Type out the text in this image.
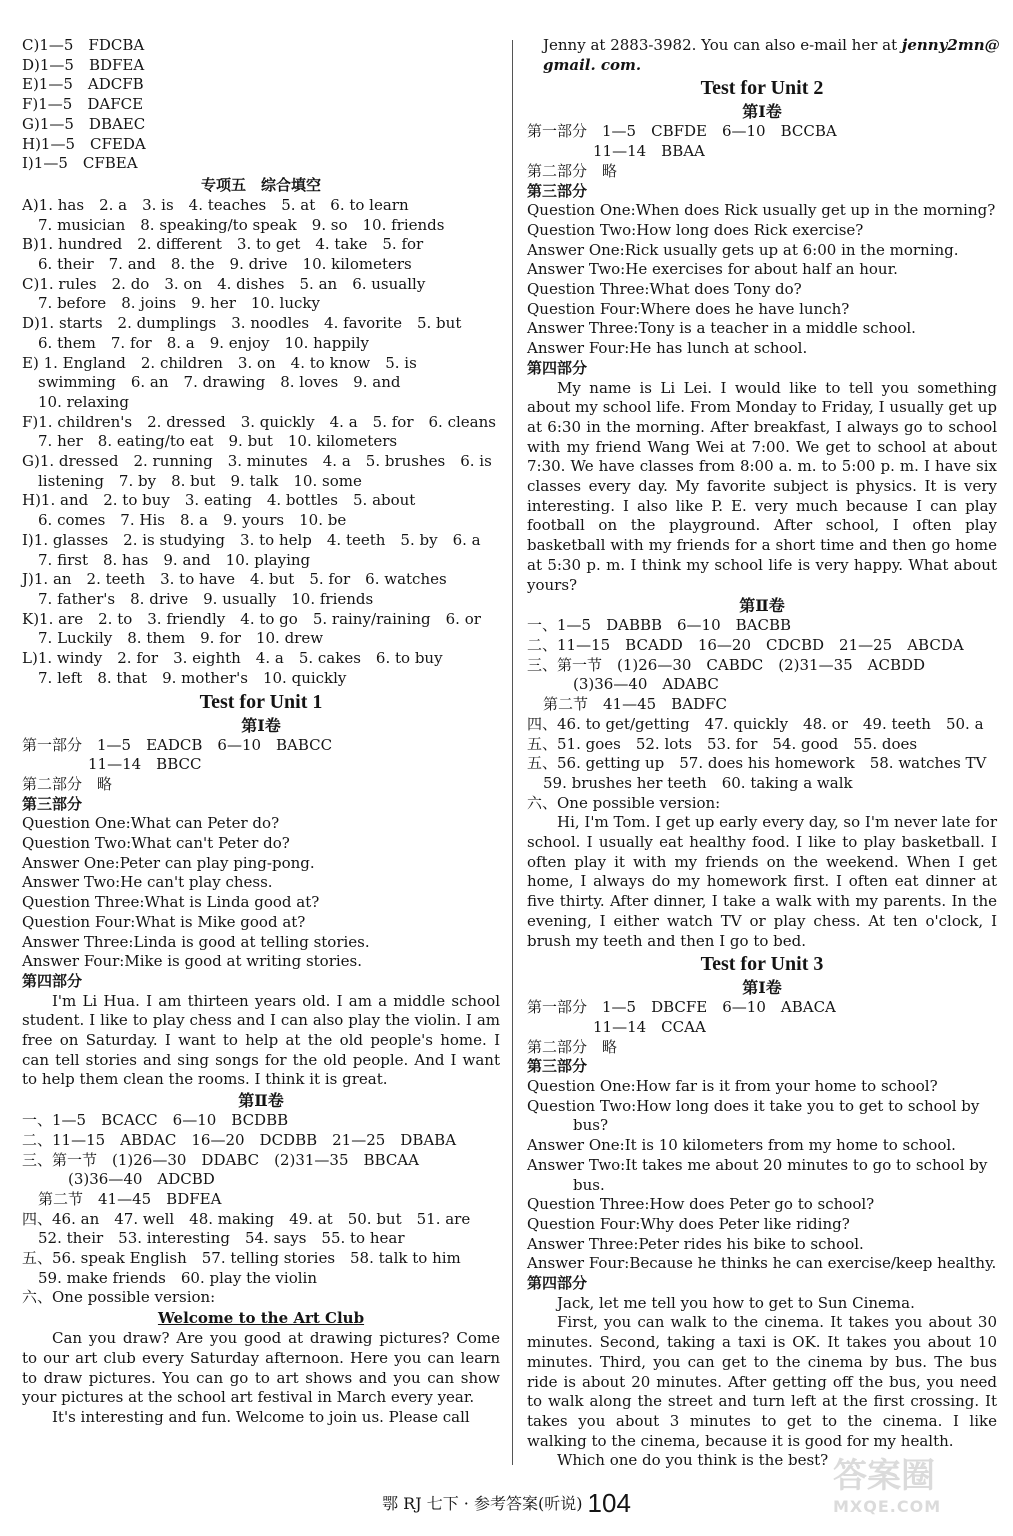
C)1—5　FDCBA
D)1—5　BDFEA
E)1—5　ADCFB
F)1—5　DAFCE
G)1—5　DBAEC
H)1—5　CFEDA
I)1—5　CFBEA
专项五　综合填空
A)1. has　2. a　3. is　4. teaches　5. at　6. to learn
7. musician　8. speaking/to speak　9. so　10. friends
B)1. hundred　2. different　3. to get　4. take　5. for
6. their　7. and　8. the　9. drive　10. kilometers
C)1. rules　2. do　3. on　4. dishes　5. an　6. usually
7. before　8. joins　9. her　10. lucky
D)1. starts　2. dumplings　3. noodles　4. favorite　5. but
6. them　7. for　8. a　9. enjoy　10. happily
E) 1. England　2. children　3. on　4. to know　5. is
swimming　6. an　7. drawing　8. loves　9. and
10. relaxing
F)1. children's　2. dressed　3. quickly　4. a　5. for　6. cleans
7. her　8. eating/to eat　9. but　10. kilometers
G)1. dressed　2. running　3. minutes　4. a　5. brushes　6. is
listening　7. by　8. but　9. talk　10. some
H)1. and　2. to buy　3. eating　4. bottles　5. about
6. comes　7. His　8. a　9. yours　10. be
I)1. glasses　2. is studying　3. to help　4. teeth　5. by　6. a
7. first　8. has　9. and　10. playing
J)1. an　2. teeth　3. to have　4. but　5. for　6. watches
7. father's　8. drive　9. usually　10. friends
K)1. are　2. to　3. friendly　4. to go　5. rainy/raining　6. or
7. Luckily　8. them　9. for　10. drew
L)1. windy　2. for　3. eighth　4. a　5. cakes　6. to buy
7. left　8. that　9. mother's　10. quickly
Test for Unit 1
第Ⅰ卷
第一部分　1—5　EADCB　6—10　BABCC
11—14　BBCC
第二部分　略
第三部分
Question One:What can Peter do?
Question Two:What can't Peter do?
Answer One:Peter can play ping-pong.
Answer Two:He can't play chess.
Question Three:What is Linda good at?
Question Four:What is Mike good at?
Answer Three:Linda is good at telling stories.
Answer Four:Mike is good at writing stories.
第四部分
I'm Li Hua. I am thirteen years old. I am a middle school student. I like to play chess and I can also play the violin. I am free on Saturday. I want to help at the old people's home. I can tell stories and sing songs for the old people. And I want to help them clean the rooms. I think it is great.
第Ⅱ卷
一、1—5　BCACC　6—10　BCDBB
二、11—15　ABDAC　16—20　DCDBB　21—25　DBABA
三、第一节　(1)26—30　DDABC　(2)31—35　BBCAA
　　(3)36—40　ADCBD
第二节　41—45　BDFEA
四、46. an　47. well　48. making　49. at　50. but　51. are
52. their　53. interesting　54. says　55. to hear
五、56. speak English　57. telling stories　58. talk to him
59. make friends　60. play the violin
六、One possible version:
Welcome to the Art Club
Can you draw? Are you good at drawing pictures? Come to our art club every Saturday afternoon. Here you can learn to draw pictures. You can go to art shows and you can show your pictures at the school art festival in March every year.
It's interesting and fun. Welcome to join us. Please call
Jenny at 2883-3982. You can also e-mail her at jenny2mn@
gmail. com.
Test for Unit 2
第Ⅰ卷
第一部分　1—5　CBFDE　6—10　BCCBA
11—14　BBAA
第二部分　略
第三部分
Question One:When does Rick usually get up in the morning?
Question Two:How long does Rick exercise?
Answer One:Rick usually gets up at 6:00 in the morning.
Answer Two:He exercises for about half an hour.
Question Three:What does Tony do?
Question Four:Where does he have lunch?
Answer Three:Tony is a teacher in a middle school.
Answer Four:He has lunch at school.
第四部分
My name is Li Lei. I would like to tell you something about my school life. From Monday to Friday, I usually get up at 6:30 in the morning. After breakfast, I always go to school with my friend Wang Wei at 7:00. We get to school at about 7:30. We have classes from 8:00 a. m. to 5:00 p. m. I have six classes every day. My favorite subject is physics. It is very interesting. I also like P. E. very much because I can play football on the playground. After school, I often play basketball with my friends for a short time and then go home at 5:30 p. m. I think my school life is very happy. What about yours?
第Ⅱ卷
一、1—5　DABBB　6—10　BACBB
二、11—15　BCADD　16—20　CDCBD　21—25　ABCDA
三、第一节　(1)26—30　CABDC　(2)31—35　ACBDD
　　(3)36—40　ADABC
第二节　41—45　BADFC
四、46. to get/getting　47. quickly　48. or　49. teeth　50. a
五、51. goes　52. lots　53. for　54. good　55. does
五、56. getting up　57. does his homework　58. watches TV
59. brushes her teeth　60. taking a walk
六、One possible version:
Hi, I'm Tom. I get up early every day, so I'm never late for school. I usually eat healthy food. I like to play basketball. I often play it with my friends on the weekend. When I get home, I always do my homework first. I often eat dinner at five thirty. After dinner, I take a walk with my parents. In the evening, I either watch TV or play chess. At ten o'clock, I brush my teeth and then I go to bed.
Test for Unit 3
第Ⅰ卷
第一部分　1—5　DBCFE　6—10　ABACA
11—14　CCAA
第二部分　略
第三部分
Question One:How far is it from your home to school?
Question Two:How long does it take you to get to school by
bus?
Answer One:It is 10 kilometers from my home to school.
Answer Two:It takes me about 20 minutes to go to school by
bus.
Question Three:How does Peter go to school?
Question Four:Why does Peter like riding?
Answer Three:Peter rides his bike to school.
Answer Four:Because he thinks he can exercise/keep healthy.
第四部分
Jack, let me tell you how to get to Sun Cinema.
First, you can walk to the cinema. It takes you about 30 minutes. Second, taking a taxi is OK. It takes you about 10 minutes. Third, you can get to the cinema by bus. The bus ride is about 20 minutes. After getting off the bus, you need to walk along the street and turn left at the first crossing. It takes you about 3 minutes to get to the cinema. I like walking to the cinema, because it is good for my health.
Which one do you think is the best?
鄂 RJ 七下 · 参考答案(听说) 104
答案圈
MXQE.COM
